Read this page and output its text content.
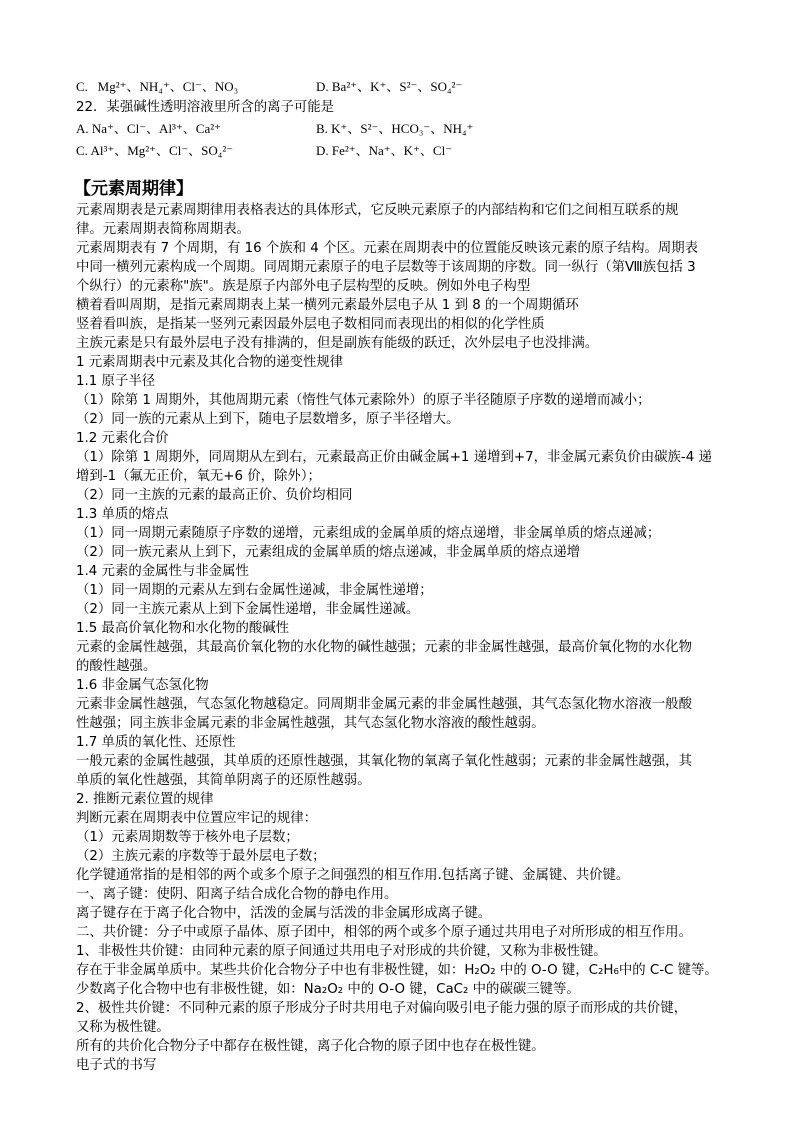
C. Mg²⁺、NH₄⁺、Cl⁻、NO₃	D. Ba²⁺、K⁺、S²⁻、SO₄²⁻
22．某强碱性透明溶液里所含的离子可能是
A. Na⁺、Cl⁻、Al³⁺、Ca²⁺	B. K⁺、S²⁻、HCO₃⁻、NH₄⁺
C. Al³⁺、Mg²⁺、Cl⁻、SO₄²⁻	D. Fe²⁺、Na⁺、K⁺、Cl⁻
【元素周期律】
元素周期表是元素周期律用表格表达的具体形式，它反映元素原子的内部结构和它们之间相互联系的规
律。元素周期表简称周期表。
元素周期表有 7 个周期，有 16 个族和 4 个区。元素在周期表中的位置能反映该元素的原子结构。周期表
中同一横列元素构成一个周期。同周期元素原子的电子层数等于该周期的序数。同一纵行（第Ⅷ族包括 3
个纵行）的元素称"族"。族是原子内部外电子层构型的反映。例如外电子构型
横着看叫周期，是指元素周期表上某一横列元素最外层电子从 1 到 8 的一个周期循环
竖着看叫族，是指某一竖列元素因最外层电子数相同而表现出的相似的化学性质
主族元素是只有最外层电子没有排满的，但是副族有能级的跃迁，次外层电子也没排满。
1 元素周期表中元素及其化合物的递变性规律
1.1 原子半径
（1）除第 1 周期外，其他周期元素（惰性气体元素除外）的原子半径随原子序数的递增而减小；
（2）同一族的元素从上到下，随电子层数增多，原子半径增大。
1.2 元素化合价
（1）除第 1 周期外，同周期从左到右，元素最高正价由碱金属+1 递增到+7，非金属元素负价由碳族-4 递
增到-1（氟无正价，氧无+6 价，除外）；
（2）同一主族的元素的最高正价、负价均相同
1.3 单质的熔点
（1）同一周期元素随原子序数的递增，元素组成的金属单质的熔点递增，非金属单质的熔点递减；
（2）同一族元素从上到下，元素组成的金属单质的熔点递减，非金属单质的熔点递增
1.4 元素的金属性与非金属性
（1）同一周期的元素从左到右金属性递减，非金属性递增；
（2）同一主族元素从上到下金属性递增，非金属性递减。
1.5 最高价氧化物和水化物的酸碱性
元素的金属性越强，其最高价氧化物的水化物的碱性越强；元素的非金属性越强，最高价氧化物的水化物
的酸性越强。
1.6 非金属气态氢化物
元素非金属性越强，气态氢化物越稳定。同周期非金属元素的非金属性越强，其气态氢化物水溶液一般酸
性越强；同主族非金属元素的非金属性越强，其气态氢化物水溶液的酸性越弱。
1.7 单质的氧化性、还原性
一般元素的金属性越强，其单质的还原性越强，其氧化物的氧离子氧化性越弱；元素的非金属性越强，其
单质的氧化性越强，其简单阴离子的还原性越弱。
2. 推断元素位置的规律
判断元素在周期表中位置应牢记的规律：
（1）元素周期数等于核外电子层数；
（2）主族元素的序数等于最外层电子数；
化学键通常指的是相邻的两个或多个原子之间强烈的相互作用.包括离子键、金属键、共价键。
一、离子键：使阴、阳离子结合成化合物的静电作用。
离子键存在于离子化合物中，活泼的金属与活泼的非金属形成离子键。
二、共价键：分子中或原子晶体、原子团中，相邻的两个或多个原子通过共用电子对所形成的相互作用。
1、非极性共价键：由同种元素的原子间通过共用电子对形成的共价键，又称为非极性键。
存在于非金属单质中。某些共价化合物分子中也有非极性键，如：H₂O₂ 中的 O-O 键，C₂H₆中的 C-C 键等。
少数离子化合物中也有非极性键，如：Na₂O₂ 中的 O-O 键，CaC₂ 中的碳碳三键等。
2、极性共价键：不同种元素的原子形成分子时共用电子对偏向吸引电子能力强的原子而形成的共价键，
又称为极性键。
所有的共价化合物分子中都存在极性键，离子化合物的原子团中也存在极性键。
电子式的书写
